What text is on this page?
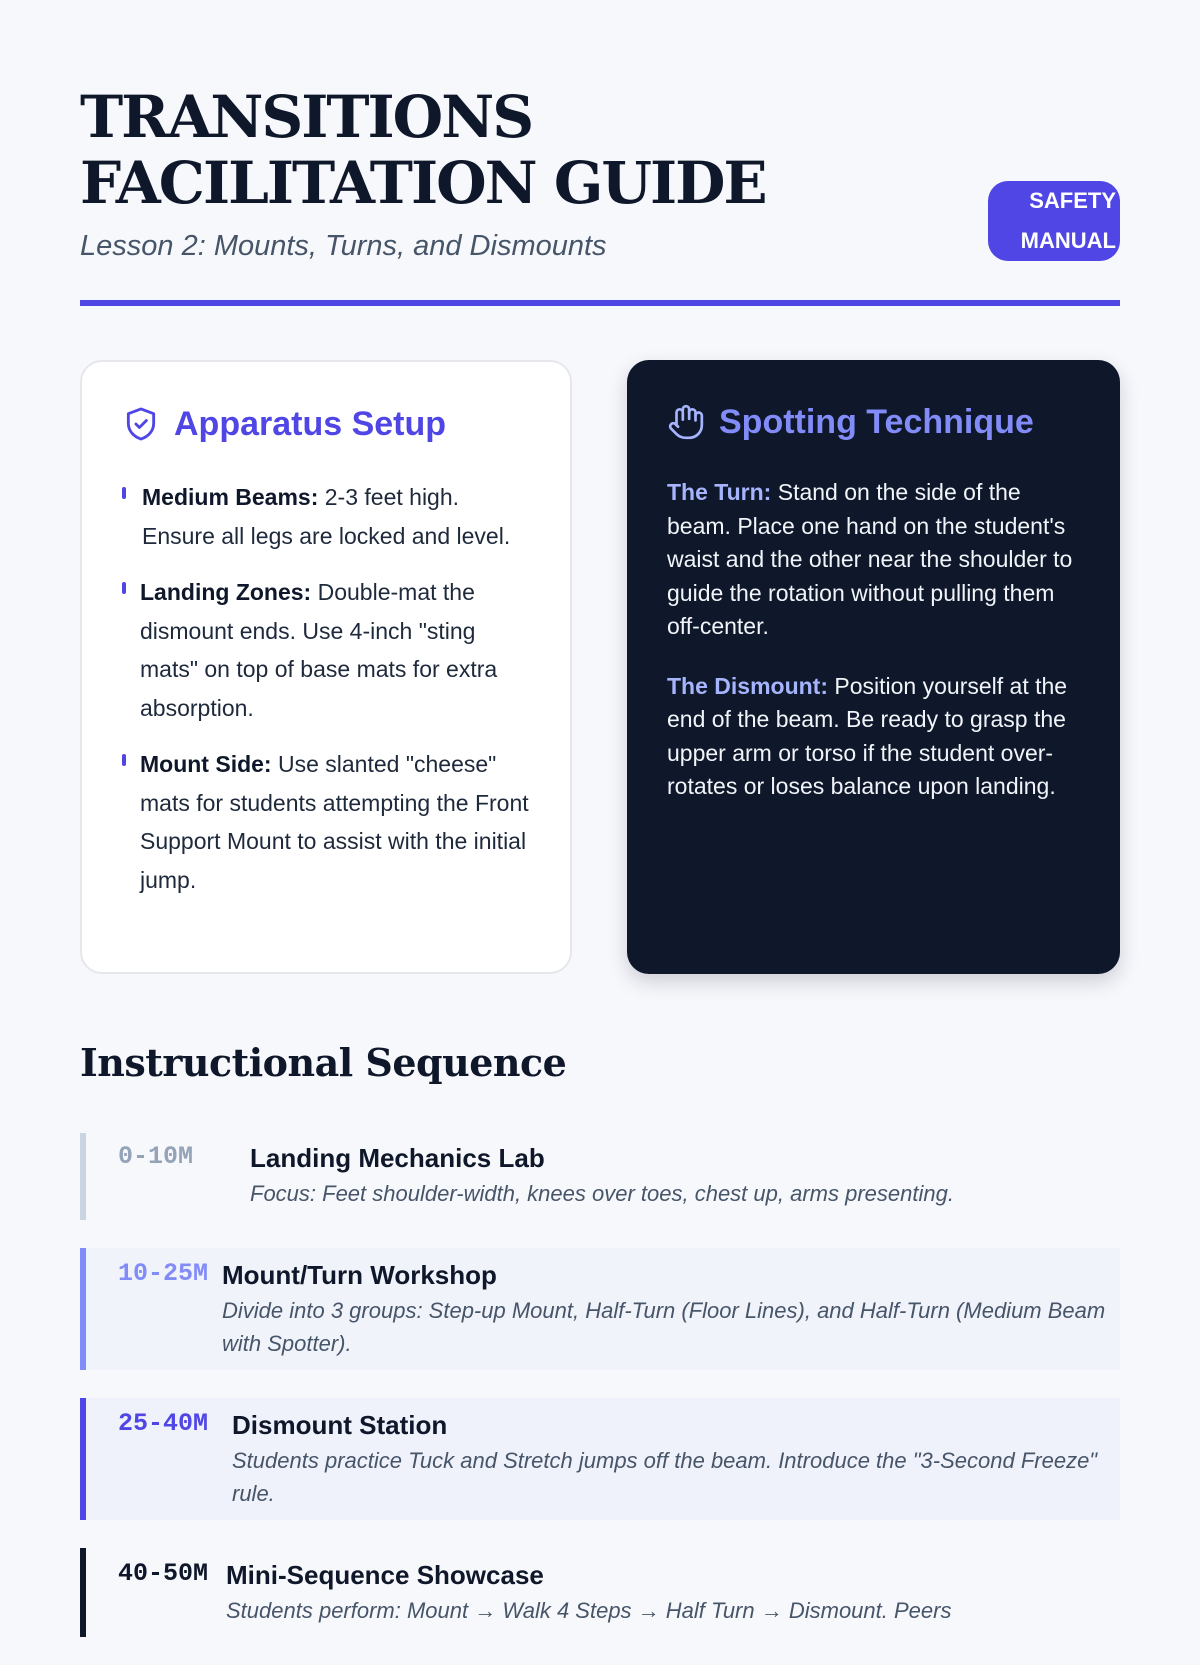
TRANSITIONS FACILITATION GUIDE
Lesson 2: Mounts, Turns, and Dismounts
SAFETY MANUAL
Apparatus Setup
Medium Beams: 2-3 feet high. Ensure all legs are locked and level.
Landing Zones: Double-mat the dismount ends. Use 4-inch "sting mats" on top of base mats for extra absorption.
Mount Side: Use slanted "cheese" mats for students attempting the Front Support Mount to assist with the initial jump.
Spotting Technique

The Turn: Stand on the side of the beam. Place one hand on the student's waist and the other near the shoulder to guide the rotation without pulling them off-center.

The Dismount: Position yourself at the end of the beam. Be ready to grasp the upper arm or torso if the student over-rotates or loses balance upon landing.

Instructional Sequence
0-10M	Landing Mechanics Lab
Focus: Feet shoulder-width, knees over toes, chest up, arms presenting.
10-25M Mount/Turn Workshop
Divide into 3 groups: Step-up Mount, Half-Turn (Floor Lines), and Half-Turn (Medium Beam with Spotter).
25-40M Dismount Station
Students practice Tuck and Stretch jumps off the beam. Introduce the "3-Second Freeze" rule.
40-50M Mini-Sequence Showcase
Students perform: Mount → Walk 4 Steps → Half Turn → Dismount. Peers
